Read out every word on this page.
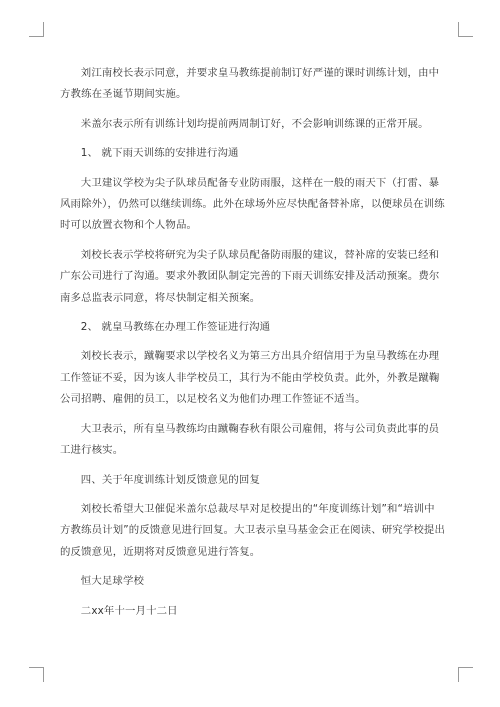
刘江南校长表示同意，并要求皇马教练提前制订好严谨的课时训练计划，由中方教练在圣诞节期间实施。

米盖尔表示所有训练计划均提前两周制订好，不会影响训练课的正常开展。

1、 就下雨天训练的安排进行沟通

大卫建议学校为尖子队球员配备专业防雨服，这样在一般的雨天下（打雷、暴风雨除外），仍然可以继续训练。此外在球场外应尽快配备替补席，以便球员在训练时可以放置衣物和个人物品。

刘校长表示学校将研究为尖子队球员配备防雨服的建议，替补席的安装已经和广东公司进行了沟通。要求外教团队制定完善的下雨天训练安排及活动预案。费尔南多总监表示同意，将尽快制定相关预案。

2、 就皇马教练在办理工作签证进行沟通

刘校长表示，蹴鞠要求以学校名义为第三方出具介绍信用于为皇马教练在办理工作签证不妥，因为该人非学校员工，其行为不能由学校负责。此外，外教是蹴鞠公司招聘、雇佣的员工，以足校名义为他们办理工作签证不适当。

大卫表示，所有皇马教练均由蹴鞠春秋有限公司雇佣，将与公司负责此事的员工进行核实。

四、关于年度训练计划反馈意见的回复

刘校长希望大卫催促米盖尔总裁尽早对足校提出的“年度训练计划”和“培训中方教练员计划”的反馈意见进行回复。大卫表示皇马基金会正在阅读、研究学校提出的反馈意见，近期将对反馈意见进行答复。

恒大足球学校

二xx年十一月十二日
